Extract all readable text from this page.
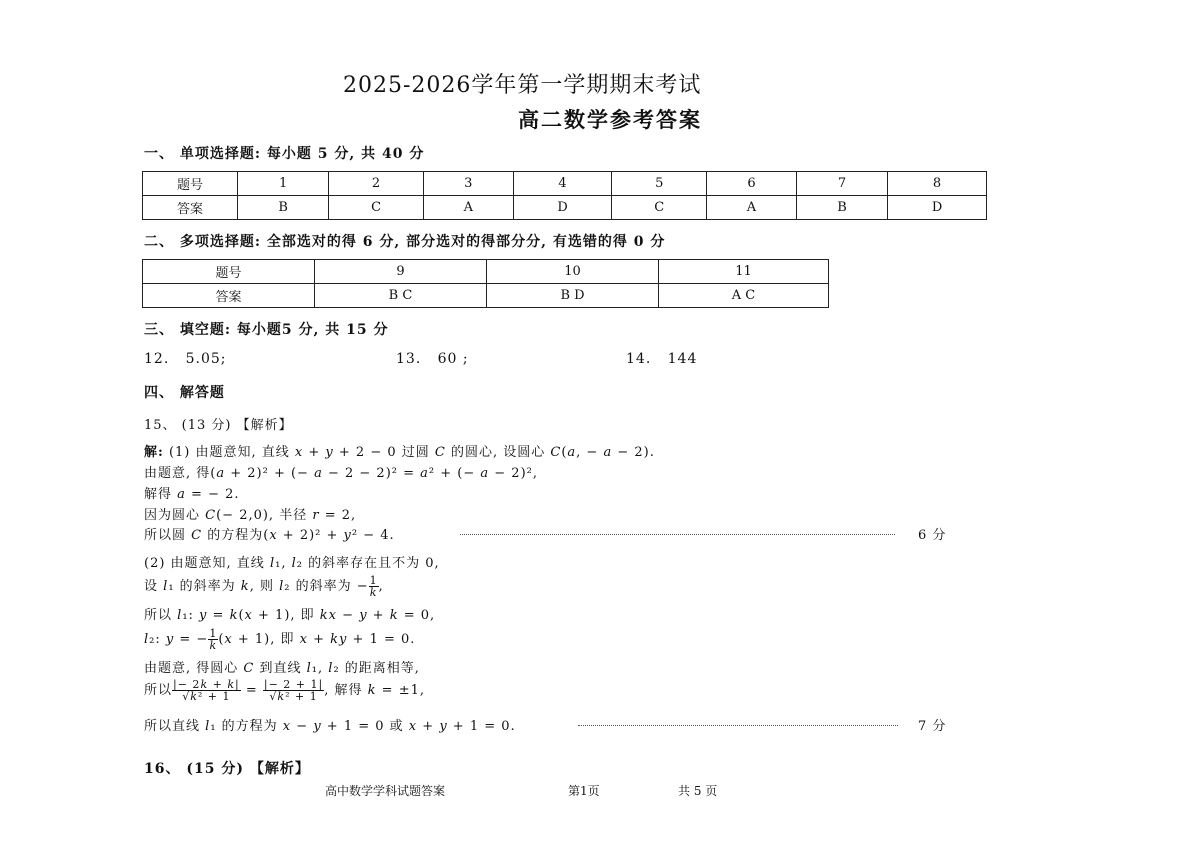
2025-2026学年第一学期期末考试
高二数学参考答案
一、 单项选择题: 每小题 5 分, 共 40 分
题号	1	2	3	4	5	6	7	8
答案	B	C	A	D	C	A	B	D
二、 多项选择题: 全部选对的得 6 分, 部分选对的得部分分, 有选错的得 0 分
题号	9	10	11
答案	B C	B D	A C
三、 填空题: 每小题5 分, 共 15 分
12. 5.05;	13. 60 ;	14. 144
四、 解答题
15、 (13 分) 【解析】
解: (1) 由题意知, 直线 x + y + 2 − 0 过圆 C 的圆心, 设圆心 C(a, − a − 2).
由题意, 得(a + 2)² + (− a − 2 − 2)² = a² + (− a − 2)²,
解得 a = − 2.
因为圆心 C(− 2,0), 半径 r = 2,
所以圆 C 的方程为(x + 2)² + y² − 4.	6 分
(2) 由题意知, 直线 l₁, l₂ 的斜率存在且不为 0,
设 l₁ 的斜率为 k, 则 l₂ 的斜率为 − $\frac{1}{k}$ ,
所以 l₁: y = k(x + 1), 即 kx − y + k = 0,
l₂: y = − $\frac{1}{k} (x + 1)$, 即 x + ky + 1 = 0.
由题意, 得圆心 C 到直线 l₁, l₂ 的距离相等,
所以 $\frac{|- 2k + k|}{\text{√k² + 1}} = \frac{|- 2 + 1|}{\text{√k² + 1}}$ , 解得 k = ±1,
所以直线 l₁ 的方程为 x − y + 1 = 0 或 x + y + 1 = 0.	7 分
16、 (15 分) 【解析】
高中数学学科试题答案	第1页	共 5 页
